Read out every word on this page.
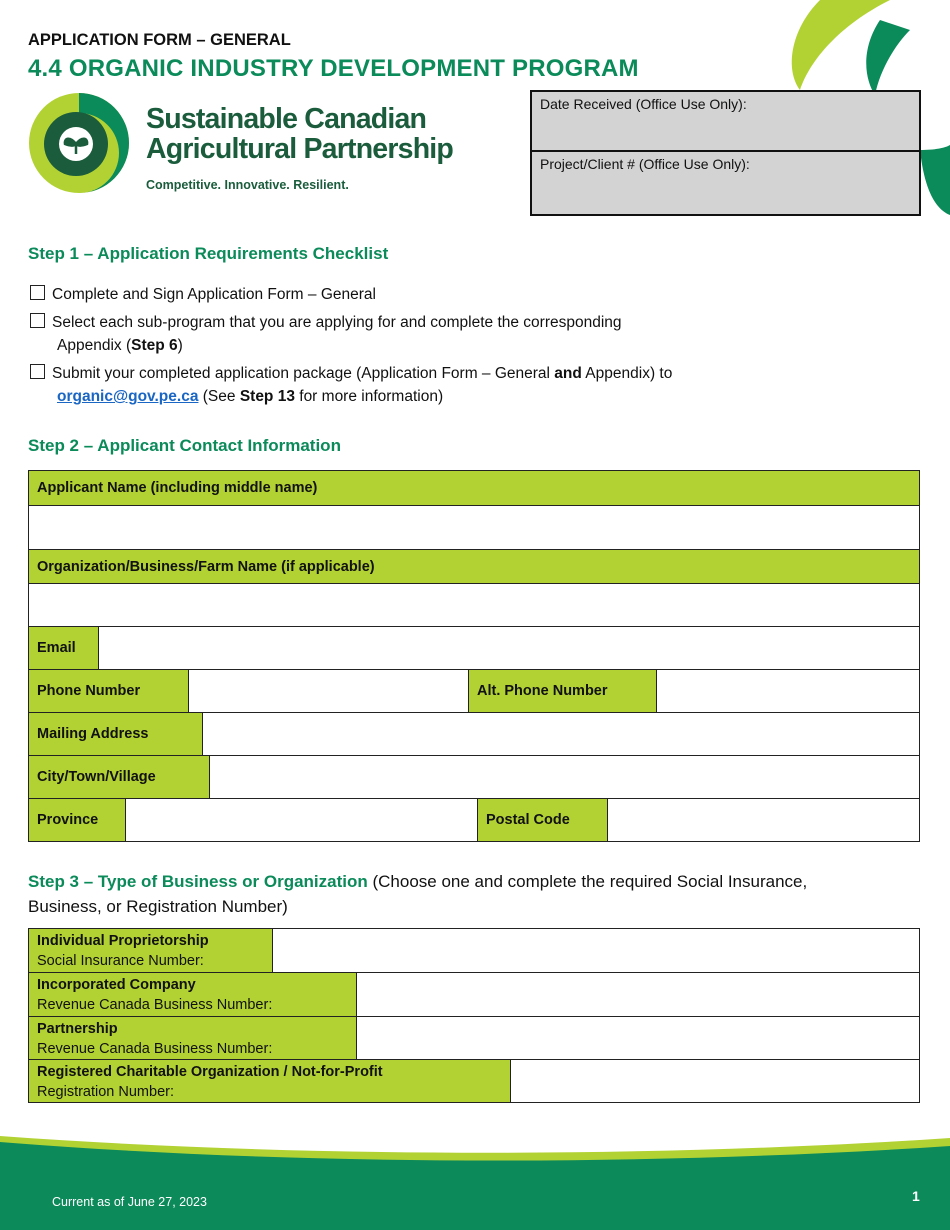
APPLICATION FORM – GENERAL
4.4 ORGANIC INDUSTRY DEVELOPMENT PROGRAM
Sustainable Canadian
Agricultural Partnership
Competitive. Innovative. Resilient.
Date Received (Office Use Only):
Project/Client # (Office Use Only):
Step 1 – Application Requirements Checklist
Complete and Sign Application Form – General
Select each sub-program that you are applying for and complete the corresponding
Appendix (Step 6)
Submit your completed application package (Application Form – General and Appendix) to
organic@gov.pe.ca (See Step 13 for more information)
Step 2 – Applicant Contact Information
Applicant Name (including middle name)
Organization/Business/Farm Name (if applicable)
Email
Phone Number	Alt. Phone Number
Mailing Address
City/Town/Village
Province	Postal Code
Step 3 – Type of Business or Organization (Choose one and complete the required Social Insurance,
Business, or Registration Number)
Individual Proprietorship
Social Insurance Number:
Incorporated Company
Revenue Canada Business Number:
Partnership
Revenue Canada Business Number:
Registered Charitable Organization / Not-for-Profit
Registration Number:
Current as of June 27, 2023	1
